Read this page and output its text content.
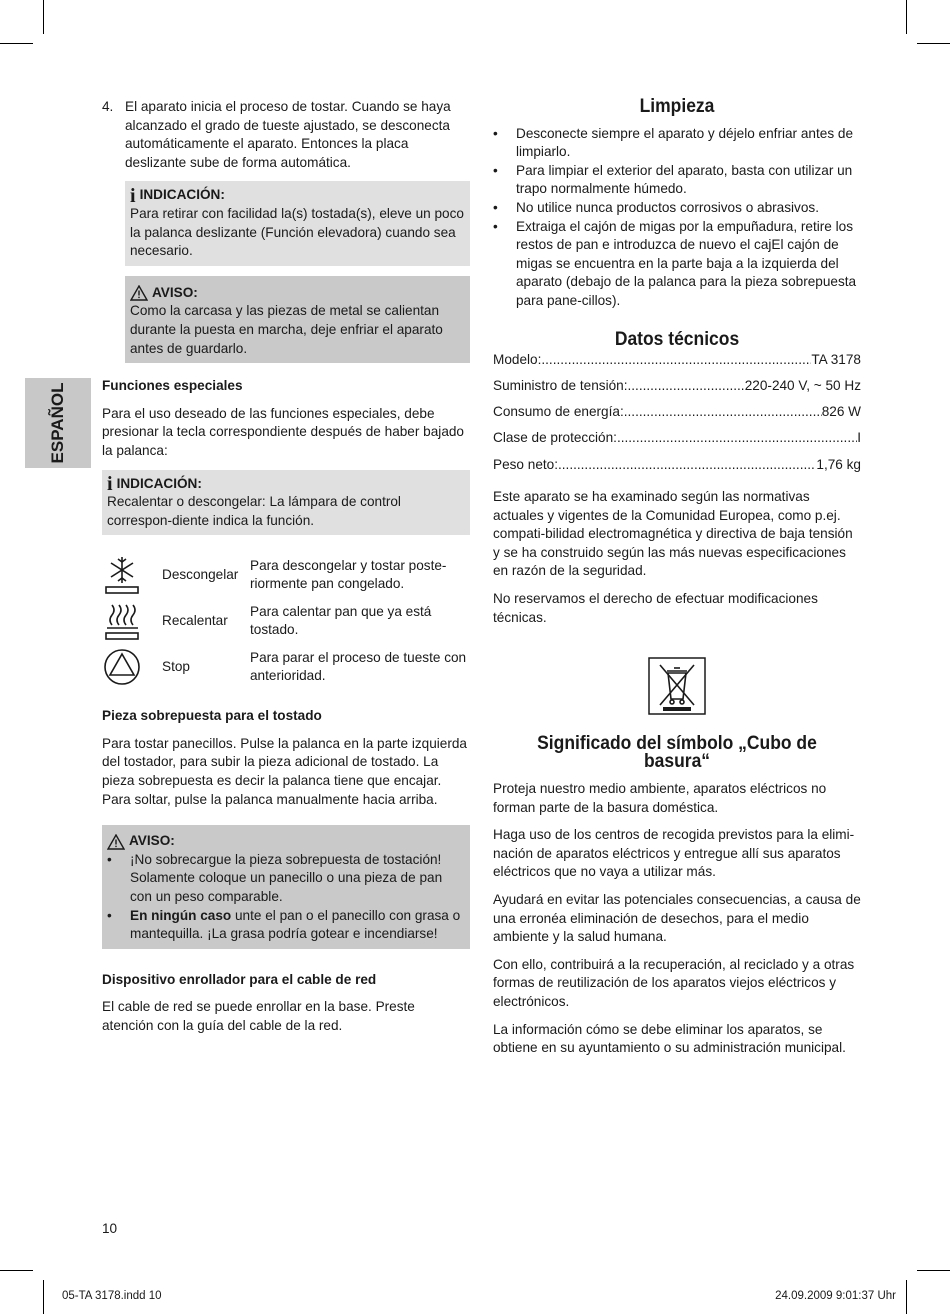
ESPAÑOL
4. El aparato inicia el proceso de tostar. Cuando se haya alcanzado el grado de tueste ajustado, se desconecta automáticamente el aparato. Entonces la placa deslizante sube de forma automática.
i INDICACIÓN:
Para retirar con facilidad la(s) tostada(s), eleve un poco la palanca deslizante (Función elevadora) cuando sea necesario.
AVISO:
Como la carcasa y las piezas de metal se calientan durante la puesta en marcha, deje enfriar el aparato antes de guardarlo.
Funciones especiales

Para el uso deseado de las funciones especiales, debe presionar la tecla correspondiente después de haber bajado la palanca:

i INDICACIÓN:
Recalentar o descongelar: La lámpara de control correspon-diente indica la función.
Descongelar
Para descongelar y tostar poste-riormente pan congelado.
Recalentar
Para calentar pan que ya está tostado.
Stop
Para parar el proceso de tueste con anterioridad.
Pieza sobrepuesta para el tostado

Para tostar panecillos. Pulse la palanca en la parte izquierda del tostador, para subir la pieza adicional de tostado. La pieza sobrepuesta es decir la palanca tiene que encajar. Para soltar, pulse la palanca manualmente hacia arriba.

AVISO:
• ¡No sobrecargue la pieza sobrepuesta de tostación! Solamente coloque un panecillo o una pieza de pan con un peso comparable.
• En ningún caso unte el pan o el panecillo con grasa o mantequilla. ¡La grasa podría gotear e incendiarse!
Dispositivo enrollador para el cable de red

El cable de red se puede enrollar en la base. Preste atención con la guía del cable de la red.

Limpieza
• Desconecte siempre el aparato y déjelo enfriar antes de limpiarlo.
• Para limpiar el exterior del aparato, basta con utilizar un trapo normalmente húmedo.
• No utilice nunca productos corrosivos o abrasivos.
• Extraiga el cajón de migas por la empuñadura, retire los restos de pan e introduzca de nuevo el cajEl cajón de migas se encuentra en la parte baja a la izquierda del aparato (debajo de la palanca para la pieza sobrepuesta para pane-cillos).
Datos técnicos
Modelo: .....	TA 3178
Suministro de tensión: .....	220-240 V, ~ 50 Hz
Consumo de energía: .....	826 W
Clase de protección: .....	I
Peso neto: .....	1,76 kg

Este aparato se ha examinado según las normativas actuales y vigentes de la Comunidad Europea, como p.ej. compati-bilidad electromagnética y directiva de baja tensión y se ha construido según las más nuevas especificaciones en razón de la seguridad.

No reservamos el derecho de efectuar modificaciones técnicas.

Significado del símbolo „Cubo de basura“

Proteja nuestro medio ambiente, aparatos eléctricos no forman parte de la basura doméstica.

Haga uso de los centros de recogida previstos para la elimi-nación de aparatos eléctricos y entregue allí sus aparatos eléctricos que no vaya a utilizar más.

Ayudará en evitar las potenciales consecuencias, a causa de una erronéa eliminación de desechos, para el medio ambiente y la salud humana.

Con ello, contribuirá a la recuperación, al reciclado y a otras formas de reutilización de los aparatos viejos eléctricos y electrónicos.

La información cómo se debe eliminar los aparatos, se obtiene en su ayuntamiento o su administración municipal.

10
05-TA 3178.indd 10	24.09.2009 9:01:37 Uhr
